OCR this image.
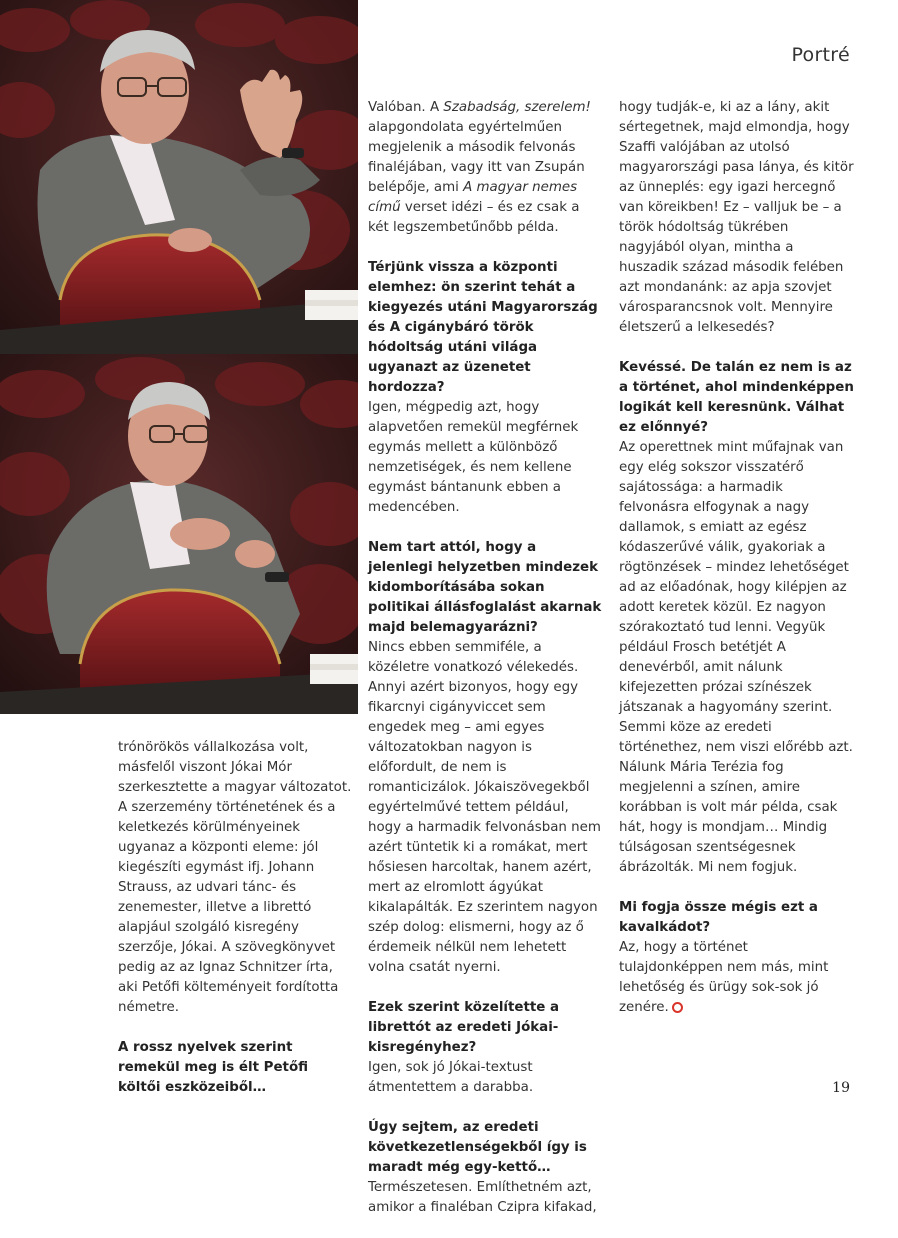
Portré

trónörökös vállalkozása volt, másfelől viszont Jókai Mór szerkesztette a magyar változatot. A szerzemény történetének és a keletkezés körülményeinek ugyanaz a központi eleme: jól kiegészíti egymást ifj. Johann Strauss, az udvari tánc- és zenemester, illetve a librettó alapjául szolgáló kisregény szerzője, Jókai. A szövegkönyvet pedig az az Ignaz Schnitzer írta, aki Petőfi költeményeit fordította németre.

A rossz nyelvek szerint remekül meg is élt Petőfi költői eszközeiből…

Valóban. A Szabadság, szerelem! alapgondolata egyértelműen megjelenik a második felvonás finaléjában, vagy itt van Zsupán belépője, ami A magyar nemes című verset idézi – és ez csak a két legszembetűnőbb példa.

Térjünk vissza a központi elemhez: ön szerint tehát a kiegyezés utáni Magyarország és A cigánybáró török hódoltság utáni világa ugyanazt az üzenetet hordozza?

Igen, mégpedig azt, hogy alapvetően remekül megférnek egymás mellett a különböző nemzetiségek, és nem kellene egymást bántanunk ebben a medencében.

Nem tart attól, hogy a jelenlegi helyzetben mindezek kidomborításába sokan politikai állásfoglalást akarnak majd belemagyarázni?

Nincs ebben semmiféle, a közéletre vonatkozó vélekedés. Annyi azért bizonyos, hogy egy fikarcnyi cigányviccet sem engedek meg – ami egyes változatokban nagyon is előfordult, de nem is romanticizálok. Jókaiszövegekből egyértelművé tettem például, hogy a harmadik felvonásban nem azért tüntetik ki a romákat, mert hősiesen harcoltak, hanem azért, mert az elromlott ágyúkat kikalapálták. Ez szerintem nagyon szép dolog: elismerni, hogy az ő érdemeik nélkül nem lehetett volna csatát nyerni.

Ezek szerint közelítette a librettót az eredeti Jókai-kisregényhez?

Igen, sok jó Jókai-textust átmentettem a darabba.

Úgy sejtem, az eredeti következetlenségekből így is maradt még egy-kettő…

Természetesen. Említhetném azt, amikor a finaléban Czipra kifakad,

hogy tudják-e, ki az a lány, akit sértegetnek, majd elmondja, hogy Szaffi valójában az utolsó magyarországi pasa lánya, és kitör az ünneplés: egy igazi hercegnő van köreikben! Ez – valljuk be – a török hódoltság tükrében nagyjából olyan, mintha a huszadik század második felében azt mondanánk: az apja szovjet városparancsnok volt. Mennyire életszerű a lelkesedés?

Kevéssé. De talán ez nem is az a történet, ahol mindenképpen logikát kell keresnünk. Válhat ez előnnyé?

Az operettnek mint műfajnak van egy elég sokszor visszatérő sajátossága: a harmadik felvonásra elfogynak a nagy dallamok, s emiatt az egész kódaszerűvé válik, gyakoriak a rögtönzések – mindez lehetőséget ad az előadónak, hogy kilépjen az adott keretek közül. Ez nagyon szórakoztató tud lenni. Vegyük például Frosch betétjét A denevérből, amit nálunk kifejezetten prózai színészek játszanak a hagyomány szerint. Semmi köze az eredeti történethez, nem viszi előrébb azt. Nálunk Mária Terézia fog megjelenni a színen, amire korábban is volt már példa, csak hát, hogy is mondjam… Mindig túlságosan szentségesnek ábrázolták. Mi nem fogjuk.

Mi fogja össze mégis ezt a kavalkádot?

Az, hogy a történet tulajdonképpen nem más, mint lehetőség és ürügy sok-sok jó zenére.

19
